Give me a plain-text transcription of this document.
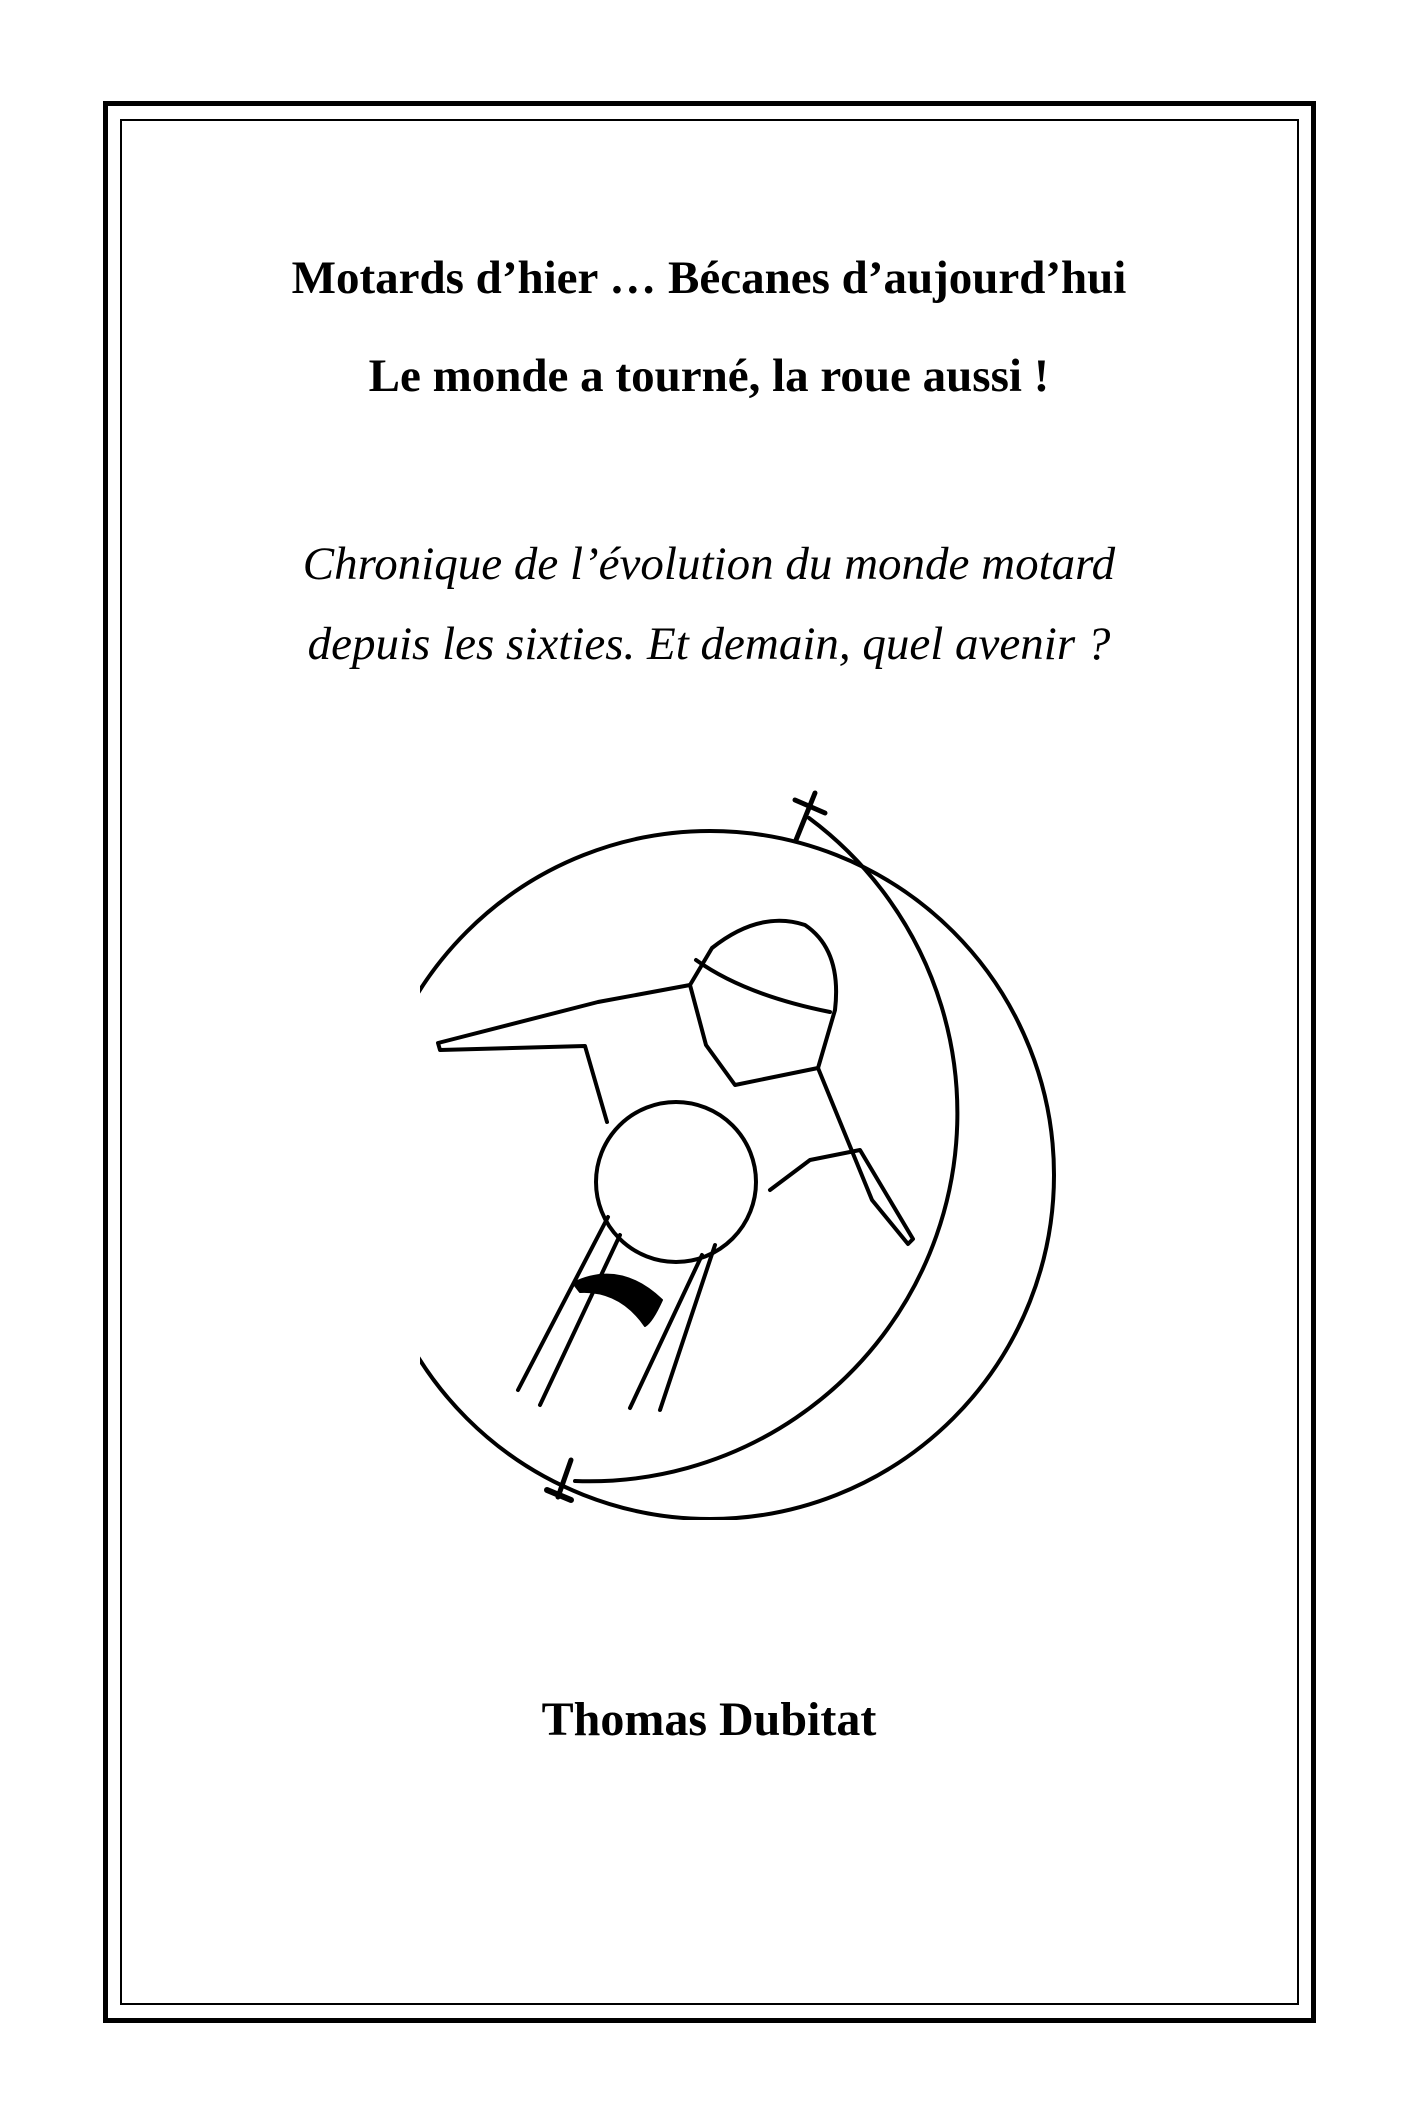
Motards d’hier … Bécanes d’aujourd’hui
Le monde a tourné, la roue aussi !

Chronique de l’évolution du monde motard
depuis les sixties. Et demain, quel avenir ?

Thomas Dubitat
